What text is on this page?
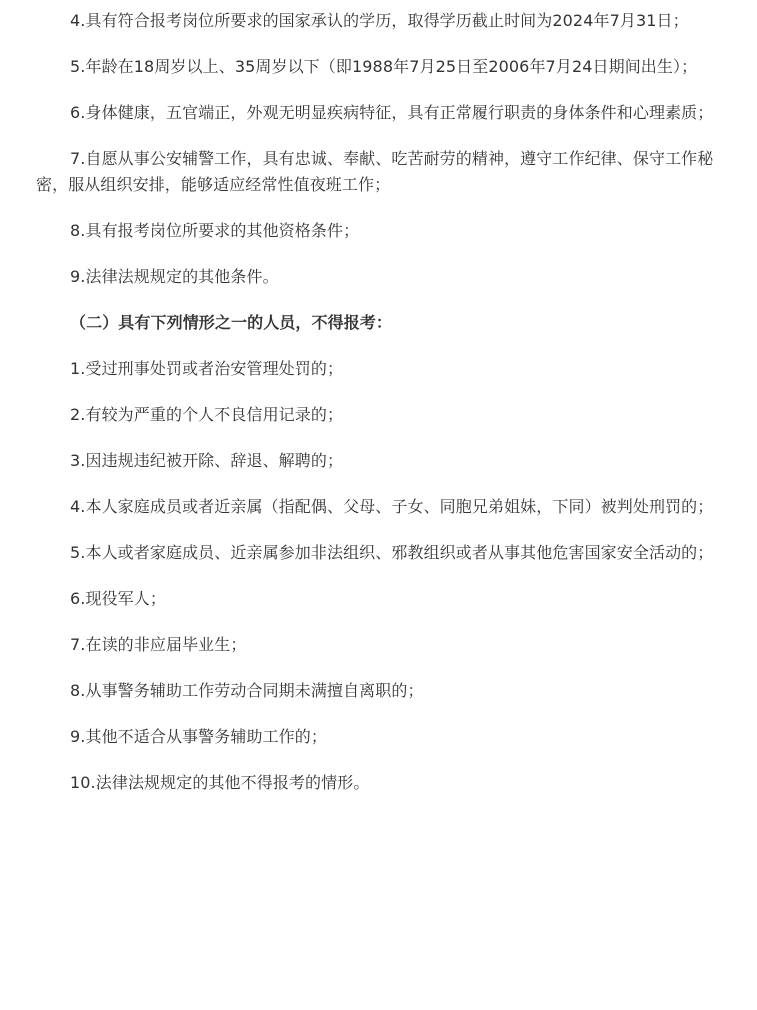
4.具有符合报考岗位所要求的国家承认的学历，取得学历截止时间为2024年7月31日；

5.年龄在18周岁以上、35周岁以下（即1988年7月25日至2006年7月24日期间出生）；

6.身体健康，五官端正，外观无明显疾病特征，具有正常履行职责的身体条件和心理素质；

7.自愿从事公安辅警工作，具有忠诚、奉献、吃苦耐劳的精神，遵守工作纪律、保守工作秘密，服从组织安排，能够适应经常性值夜班工作；

8.具有报考岗位所要求的其他资格条件；

9.法律法规规定的其他条件。

（二）具有下列情形之一的人员，不得报考：

1.受过刑事处罚或者治安管理处罚的；

2.有较为严重的个人不良信用记录的；

3.因违规违纪被开除、辞退、解聘的；

4.本人家庭成员或者近亲属（指配偶、父母、子女、同胞兄弟姐妹，下同）被判处刑罚的；

5.本人或者家庭成员、近亲属参加非法组织、邪教组织或者从事其他危害国家安全活动的；

6.现役军人；

7.在读的非应届毕业生；

8.从事警务辅助工作劳动合同期未满擅自离职的；

9.其他不适合从事警务辅助工作的；

10.法律法规规定的其他不得报考的情形。
